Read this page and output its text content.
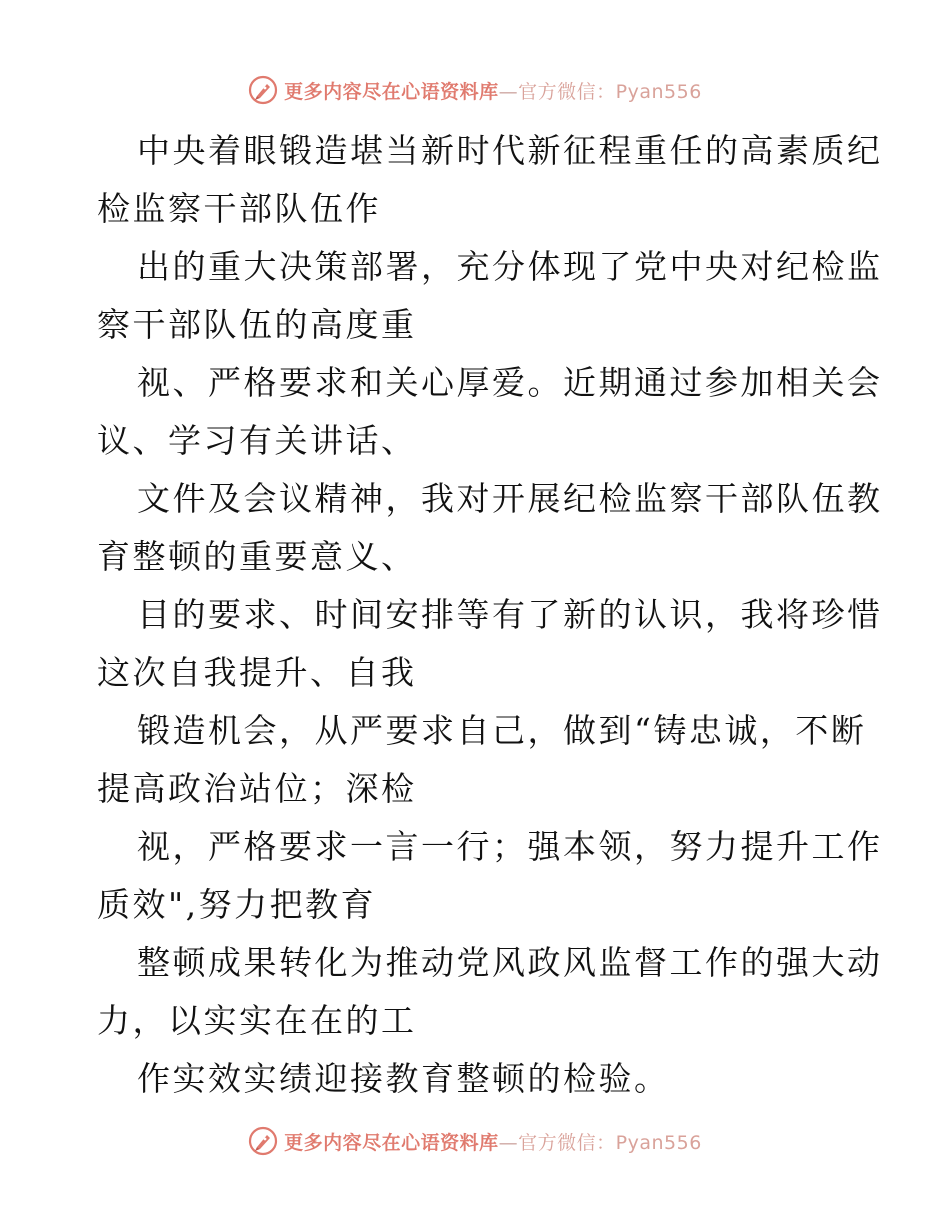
更多内容尽在心语资料库—官方微信：Pyan556

中央着眼锻造堪当新时代新征程重任的高素质纪
检监察干部队伍作

出的重大决策部署，充分体现了党中央对纪检监
察干部队伍的高度重

视、严格要求和关心厚爱。近期通过参加相关会
议、学习有关讲话、

文件及会议精神，我对开展纪检监察干部队伍教
育整顿的重要意义、

目的要求、时间安排等有了新的认识，我将珍惜
这次自我提升、自我

锻造机会，从严要求自己，做到“铸忠诚，不断
提高政治站位；深检

视，严格要求一言一行；强本领，努力提升工作
质效",努力把教育

整顿成果转化为推动党风政风监督工作的强大动
力，以实实在在的工

作实效实绩迎接教育整顿的检验。

更多内容尽在心语资料库—官方微信：Pyan556
